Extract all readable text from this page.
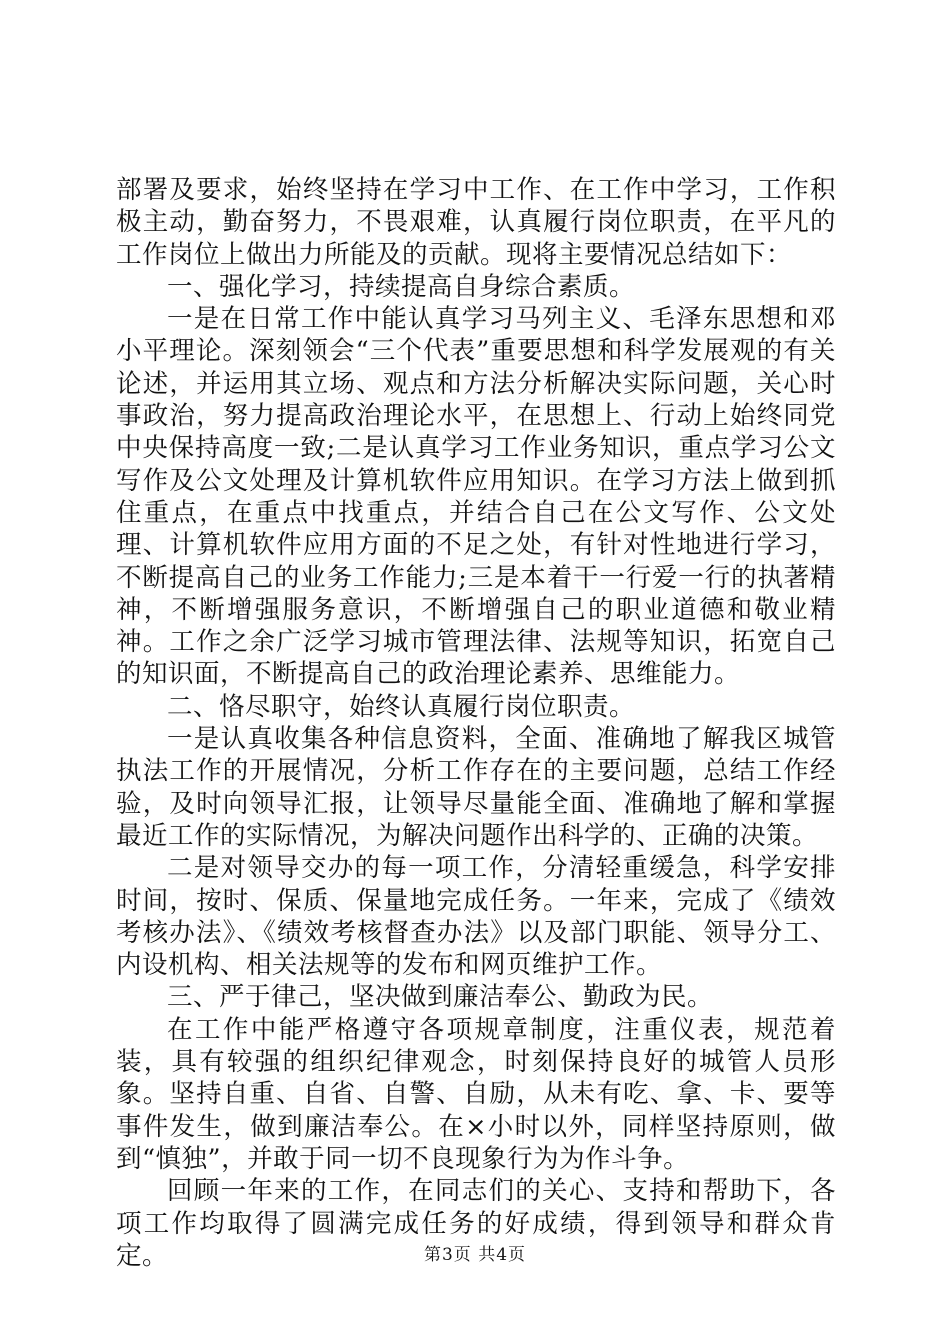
部署及要求，始终坚持在学习中工作、在工作中学习，工作积极主动，勤奋努力，不畏艰难，认真履行岗位职责，在平凡的工作岗位上做出力所能及的贡献。现将主要情况总结如下：

一、强化学习，持续提高自身综合素质。

一是在日常工作中能认真学习马列主义、毛泽东思想和邓小平理论。深刻领会“三个代表”重要思想和科学发展观的有关论述，并运用其立场、观点和方法分析解决实际问题，关心时事政治，努力提高政治理论水平，在思想上、行动上始终同党中央保持高度一致;二是认真学习工作业务知识，重点学习公文写作及公文处理及计算机软件应用知识。在学习方法上做到抓住重点，在重点中找重点，并结合自己在公文写作、公文处理、计算机软件应用方面的不足之处，有针对性地进行学习，不断提高自己的业务工作能力;三是本着干一行爱一行的执著精神，不断增强服务意识，不断增强自己的职业道德和敬业精神。工作之余广泛学习城市管理法律、法规等知识，拓宽自己的知识面，不断提高自己的政治理论素养、思维能力。

二、恪尽职守，始终认真履行岗位职责。

一是认真收集各种信息资料，全面、准确地了解我区城管执法工作的开展情况，分析工作存在的主要问题，总结工作经验，及时向领导汇报，让领导尽量能全面、准确地了解和掌握最近工作的实际情况，为解决问题作出科学的、正确的决策。

二是对领导交办的每一项工作，分清轻重缓急，科学安排时间，按时、保质、保量地完成任务。一年来，完成了《绩效考核办法》、《绩效考核督查办法》以及部门职能、领导分工、内设机构、相关法规等的发布和网页维护工作。

三、严于律己，坚决做到廉洁奉公、勤政为民。

在工作中能严格遵守各项规章制度，注重仪表，规范着装，具有较强的组织纪律观念，时刻保持良好的城管人员形象。坚持自重、自省、自警、自励，从未有吃、拿、卡、要等事件发生，做到廉洁奉公。在×小时以外，同样坚持原则，做到“慎独”，并敢于同一切不良现象行为为作斗争。

回顾一年来的工作，在同志们的关心、支持和帮助下，各项工作均取得了圆满完成任务的好成绩，得到领导和群众肯定。	第3页 共4页
